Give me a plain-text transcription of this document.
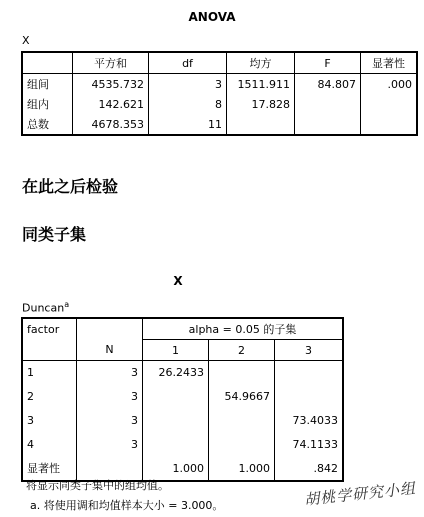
ANOVA
X
	平方和	df	均方	F	显著性
组间	4535.732	3	1511.911	84.807	.000
组内	142.621	8	17.828		
总数	4678.353	11			
在此之后检验
同类子集
X
Duncan$^a$
factor		alpha = 0.05 的子集		
	N	1	2	3
1	3	26.2433		
2	3		54.9667	
3	3			73.4033
4	3			74.1133
显著性		1.000	1.000	.842
将显示同类子集中的组均值。
a. 将使用调和均值样本大小 = 3.000。	胡桃学研究小组
